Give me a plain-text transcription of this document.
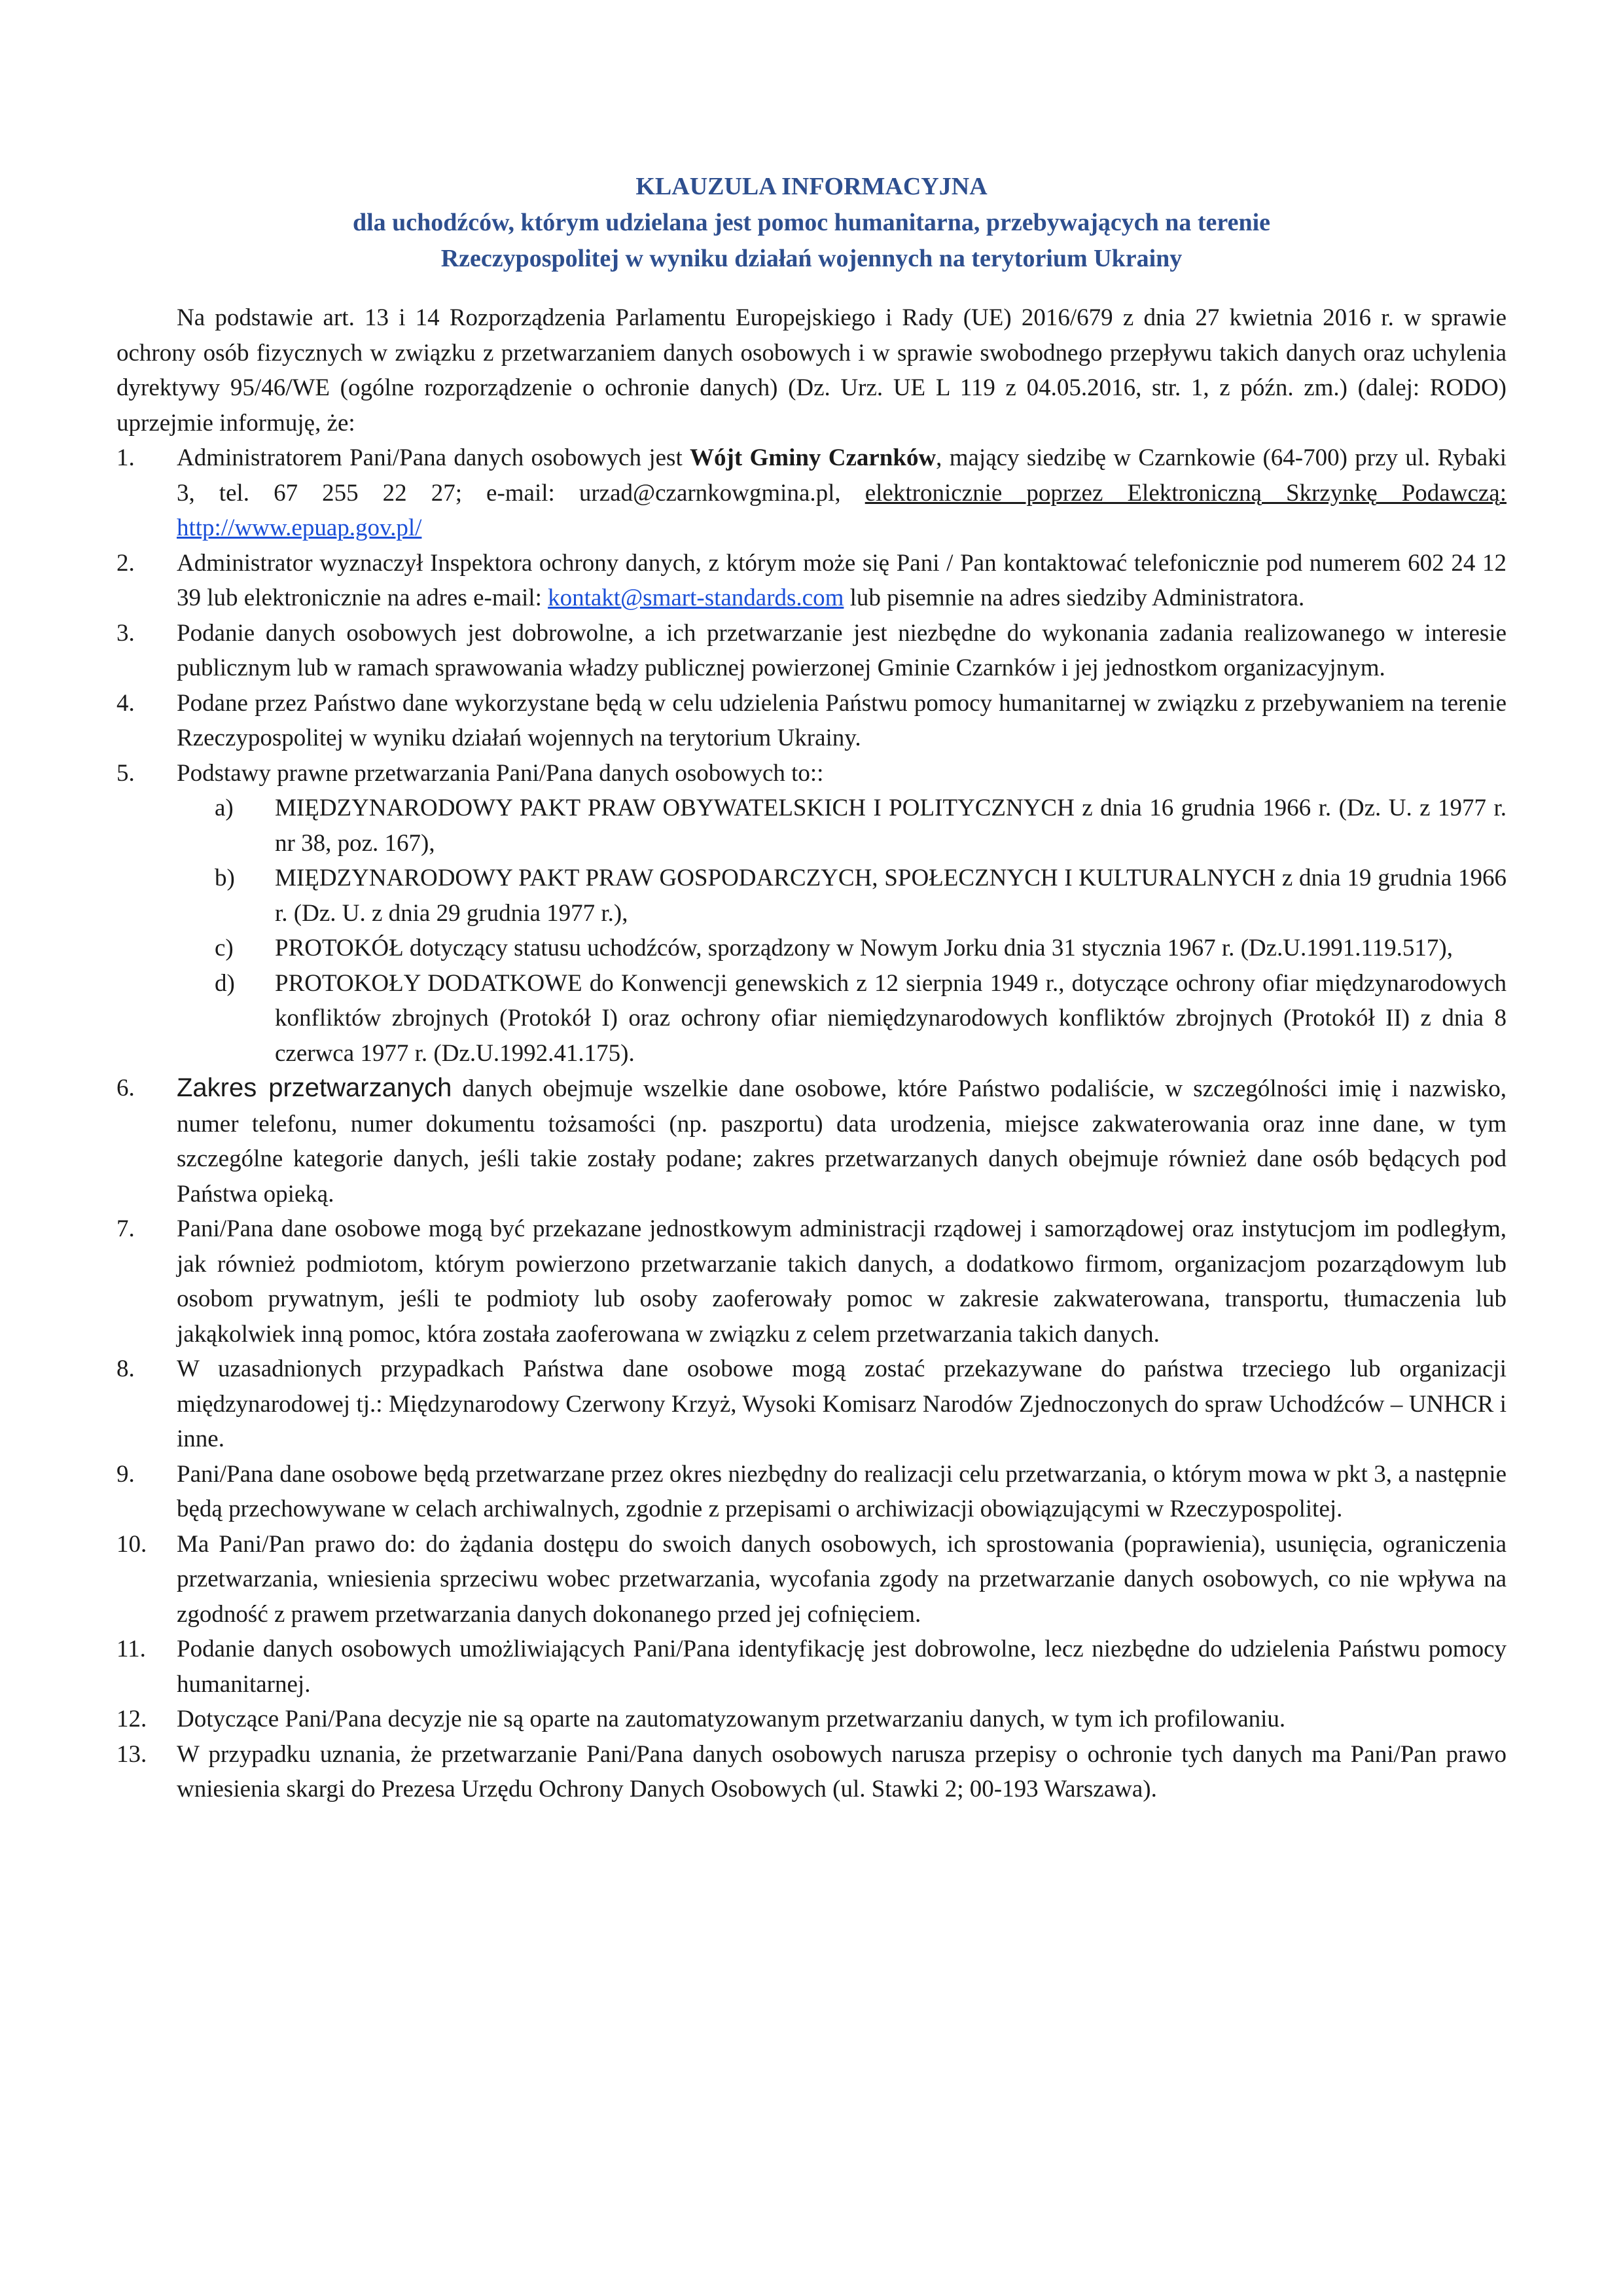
KLAUZULA INFORMACYJNA
dla uchodźców, którym udzielana jest pomoc humanitarna, przebywających na terenie
Rzeczypospolitej w wyniku działań wojennych na terytorium Ukrainy

Na podstawie art. 13 i 14 Rozporządzenia Parlamentu Europejskiego i Rady (UE) 2016/679 z dnia 27 kwietnia 2016 r. w sprawie ochrony osób fizycznych w związku z przetwarzaniem danych osobowych i w sprawie swobodnego przepływu takich danych oraz uchylenia dyrektywy 95/46/WE (ogólne rozporządzenie o ochronie danych) (Dz. Urz. UE L 119 z 04.05.2016, str. 1, z późn. zm.) (dalej: RODO) uprzejmie informuję, że:

1.	Administratorem Pani/Pana danych osobowych jest Wójt Gminy Czarnków, mający siedzibę w Czarnkowie (64-700) przy ul. Rybaki 3, tel. 67 255 22 27; e-mail: urzad@czarnkowgmina.pl, elektronicznie poprzez Elektroniczną Skrzynkę Podawczą: http://www.epuap.gov.pl/
2.	Administrator wyznaczył Inspektora ochrony danych, z którym może się Pani / Pan kontaktować telefonicznie pod numerem 602 24 12 39 lub elektronicznie na adres e-mail: kontakt@smart-standards.com lub pisemnie na adres siedziby Administratora.
3.	Podanie danych osobowych jest dobrowolne, a ich przetwarzanie jest niezbędne do wykonania zadania realizowanego w interesie publicznym lub w ramach sprawowania władzy publicznej powierzonej Gminie Czarnków i jej jednostkom organizacyjnym.
4.	Podane przez Państwo dane wykorzystane będą w celu udzielenia Państwu pomocy humanitarnej w związku z przebywaniem na terenie Rzeczypospolitej w wyniku działań wojennych na terytorium Ukrainy.
5.	Podstawy prawne przetwarzania Pani/Pana danych osobowych to::
a)	MIĘDZYNARODOWY PAKT PRAW OBYWATELSKICH I POLITYCZNYCH z dnia 16 grudnia 1966 r. (Dz. U. z 1977 r. nr 38, poz. 167),
b)	MIĘDZYNARODOWY PAKT PRAW GOSPODARCZYCH, SPOŁECZNYCH I KULTURALNYCH z dnia 19 grudnia 1966 r. (Dz. U. z dnia 29 grudnia 1977 r.),
c)	PROTOKÓŁ dotyczący statusu uchodźców, sporządzony w Nowym Jorku dnia 31 stycznia 1967 r. (Dz.U.1991.119.517),
d)	PROTOKOŁY DODATKOWE do Konwencji genewskich z 12 sierpnia 1949 r., dotyczące ochrony ofiar międzynarodowych konfliktów zbrojnych (Protokół I) oraz ochrony ofiar niemiędzynarodowych konfliktów zbrojnych (Protokół II) z dnia 8 czerwca 1977 r. (Dz.U.1992.41.175).
6.	Zakres przetwarzanych danych obejmuje wszelkie dane osobowe, które Państwo podaliście, w szczególności imię i nazwisko, numer telefonu, numer dokumentu tożsamości (np. paszportu) data urodzenia, miejsce zakwaterowania oraz inne dane, w tym szczególne kategorie danych, jeśli takie zostały podane; zakres przetwarzanych danych obejmuje również dane osób będących pod Państwa opieką.
7.	Pani/Pana dane osobowe mogą być przekazane jednostkowym administracji rządowej i samorządowej oraz instytucjom im podległym, jak również podmiotom, którym powierzono przetwarzanie takich danych, a dodatkowo firmom, organizacjom pozarządowym lub osobom prywatnym, jeśli te podmioty lub osoby zaoferowały pomoc w zakresie zakwaterowana, transportu, tłumaczenia lub jakąkolwiek inną pomoc, która została zaoferowana w związku z celem przetwarzania takich danych.
8.	W uzasadnionych przypadkach Państwa dane osobowe mogą zostać przekazywane do państwa trzeciego lub organizacji międzynarodowej tj.: Międzynarodowy Czerwony Krzyż, Wysoki Komisarz Narodów Zjednoczonych do spraw Uchodźców – UNHCR i inne.
9.	Pani/Pana dane osobowe będą przetwarzane przez okres niezbędny do realizacji celu przetwarzania, o którym mowa w pkt 3, a następnie będą przechowywane w celach archiwalnych, zgodnie z przepisami o archiwizacji obowiązującymi w Rzeczypospolitej.
10.	Ma Pani/Pan prawo do: do żądania dostępu do swoich danych osobowych, ich sprostowania (poprawienia), usunięcia, ograniczenia przetwarzania, wniesienia sprzeciwu wobec przetwarzania, wycofania zgody na przetwarzanie danych osobowych, co nie wpływa na zgodność z prawem przetwarzania danych dokonanego przed jej cofnięciem.
11.	Podanie danych osobowych umożliwiających Pani/Pana identyfikację jest dobrowolne, lecz niezbędne do udzielenia Państwu pomocy humanitarnej.
12.	Dotyczące Pani/Pana decyzje nie są oparte na zautomatyzowanym przetwarzaniu danych, w tym ich profilowaniu.
13.	W przypadku uznania, że przetwarzanie Pani/Pana danych osobowych narusza przepisy o ochronie tych danych ma Pani/Pan prawo wniesienia skargi do Prezesa Urzędu Ochrony Danych Osobowych (ul. Stawki 2; 00-193 Warszawa).
